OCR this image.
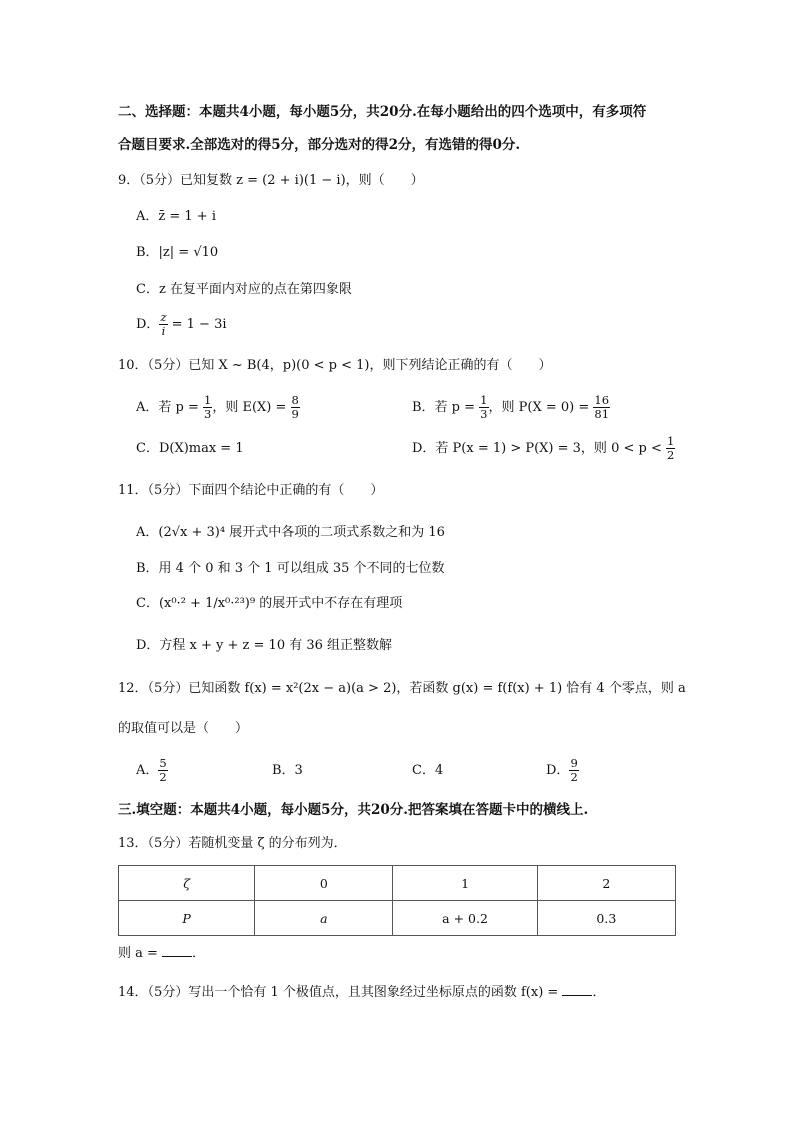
二、选择题：本题共4小题，每小题5分，共20分.在每小题给出的四个选项中，有多项符
合题目要求.全部选对的得5分，部分选对的得2分，有选错的得0分.
9．（5分）已知复数 z = (2 + i)(1 − i)，则（　　）
A．z̄ = 1 + i
B．|z| = √10
C．z 在复平面内对应的点在第四象限
D． $\frac{z}{i} = 1 - 3i$
10．（5分）已知 X ~ B(4，p)(0 < p < 1)，则下列结论正确的有（　　）
A．若 $p = \frac{1}{3}$ ，则 $E(X) = \frac{8}{9}$	B．若 $p = \frac{1}{3}$ ，则 $P(X = 0) = \frac{16}{81}$
C．D(X)max = 1	D．若 P(x = 1) > P(X) = 3，则 $0 < p < \frac{1}{2}$
11．（5分）下面四个结论中正确的有（　　）
A．(2√x + 3)⁴ 展开式中各项的二项式系数之和为 16
B．用 4 个 0 和 3 个 1 可以组成 35 个不同的七位数
C．(x⁰·² + 1/x⁰·²³)⁹ 的展开式中不存在有理项
D．方程 x + y + z = 10 有 36 组正整数解
12．（5分）已知函数 f(x) = x²(2x − a)(a > 2)，若函数 g(x) = f(f(x) + 1) 恰有 4 个零点，则 a
的取值可以是（　　）
A． $\frac{5}{2}$	B．3	C．4	D． $\frac{9}{2}$
三.填空题：本题共4小题，每小题5分，共20分.把答案填在答题卡中的横线上.
13．（5分）若随机变量 ζ 的分布列为．
ζ	0	1	2
P	a	a + 0.2	0.3
则 a = ．
14．（5分）写出一个恰有 1 个极值点，且其图象经过坐标原点的函数 f(x) = ．
